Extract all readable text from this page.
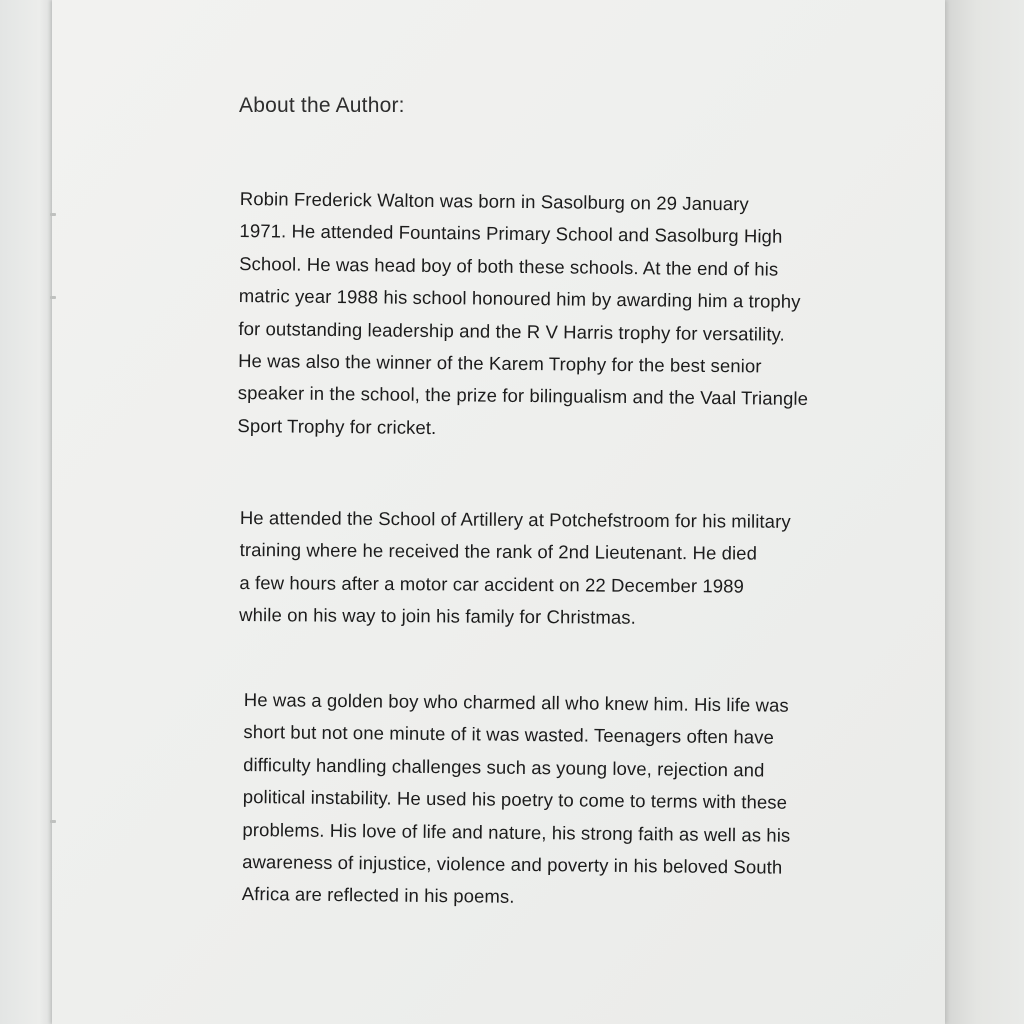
About the Author:
Robin Frederick Walton was born in Sasolburg on 29 January
1971. He attended Fountains Primary School and Sasolburg High
School. He was head boy of both these schools. At the end of his
matric year 1988 his school honoured him by awarding him a trophy
for outstanding leadership and the R V Harris trophy for versatility.
He was also the winner of the Karem Trophy for the best senior
speaker in the school, the prize for bilingualism and the Vaal Triangle
Sport Trophy for cricket.
He attended the School of Artillery at Potchefstroom for his military
training where he received the rank of 2nd Lieutenant. He died
a few hours after a motor car accident on 22 December 1989
while on his way to join his family for Christmas.
He was a golden boy who charmed all who knew him. His life was
short but not one minute of it was wasted. Teenagers often have
difficulty handling challenges such as young love, rejection and
political instability. He used his poetry to come to terms with these
problems. His love of life and nature, his strong faith as well as his
awareness of injustice, violence and poverty in his beloved South
Africa are reflected in his poems.
